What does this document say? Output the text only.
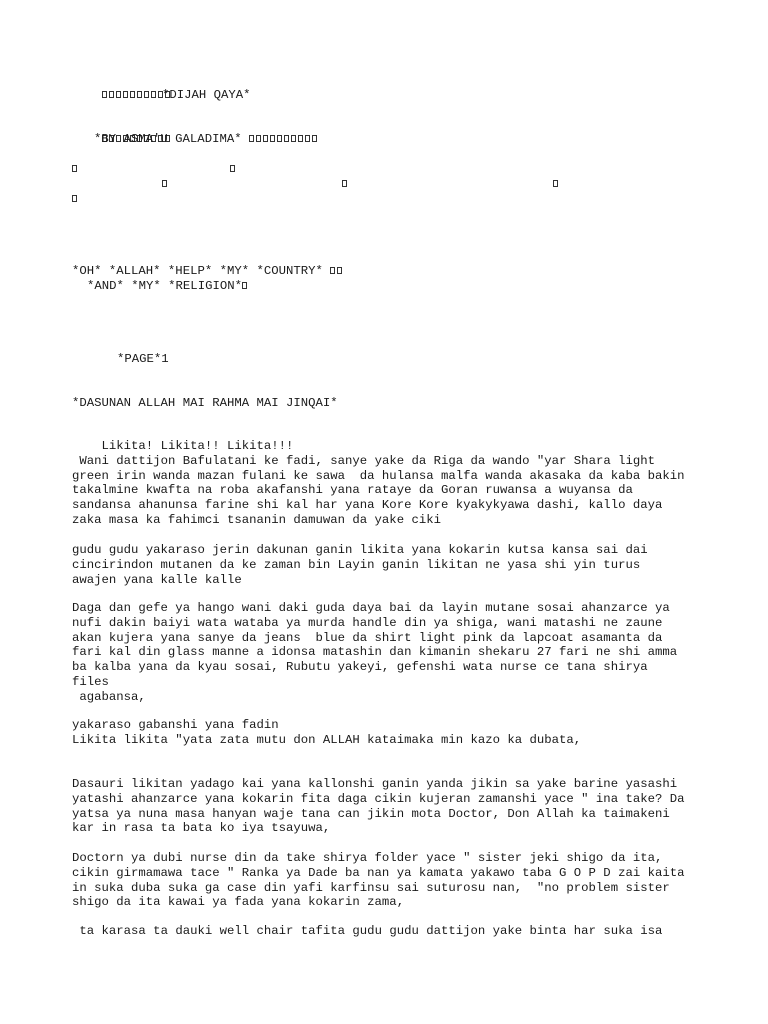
*DIJAH QAYA*

*BY ASMA'U GALADIMA*
*OH* *ALLAH* *HELP* *MY* *COUNTRY*
*AND* *MY* *RELIGION*
*PAGE*1
*DASUNAN ALLAH MAI RAHMA MAI JINQAI*
Likita! Likita!! Likita!!!
Wani dattijon Bafulatani ke fadi, sanye yake da Riga da wando "yar Shara light
green irin wanda mazan fulani ke sawa  da hulansa malfa wanda akasaka da kaba bakin
takalmine kwafta na roba akafanshi yana rataye da Goran ruwansa a wuyansa da
sandansa ahanunsa farine shi kal har yana Kore Kore kyakykyawa dashi, kallo daya
zaka masa ka fahimci tsananin damuwan da yake ciki
gudu gudu yakaraso jerin dakunan ganin likita yana kokarin kutsa kansa sai dai
cincirindon mutanen da ke zaman bin Layin ganin likitan ne yasa shi yin turus
awajen yana kalle kalle
Daga dan gefe ya hango wani daki guda daya bai da layin mutane sosai ahanzarce ya
nufi dakin baiyi wata wataba ya murda handle din ya shiga, wani matashi ne zaune
akan kujera yana sanye da jeans  blue da shirt light pink da lapcoat asamanta da
fari kal din glass manne a idonsa matashin dan kimanin shekaru 27 fari ne shi amma
ba kalba yana da kyau sosai, Rubutu yakeyi, gefenshi wata nurse ce tana shirya
files
agabansa,
yakaraso gabanshi yana fadin
Likita likita "yata zata mutu don ALLAH kataimaka min kazo ka dubata,
Dasauri likitan yadago kai yana kallonshi ganin yanda jikin sa yake barine yasashi
yatashi ahanzarce yana kokarin fita daga cikin kujeran zamanshi yace " ina take? Da
yatsa ya nuna masa hanyan waje tana can jikin mota Doctor, Don Allah ka taimakeni
kar in rasa ta bata ko iya tsayuwa,
Doctorn ya dubi nurse din da take shirya folder yace " sister jeki shigo da ita,
cikin girmamawa tace " Ranka ya Dade ba nan ya kamata yakawo taba G O P D zai kaita
in suka duba suka ga case din yafi karfinsu sai suturosu nan,  "no problem sister
shigo da ita kawai ya fada yana kokarin zama,
ta karasa ta dauki well chair tafita gudu gudu dattijon yake binta har suka isa
